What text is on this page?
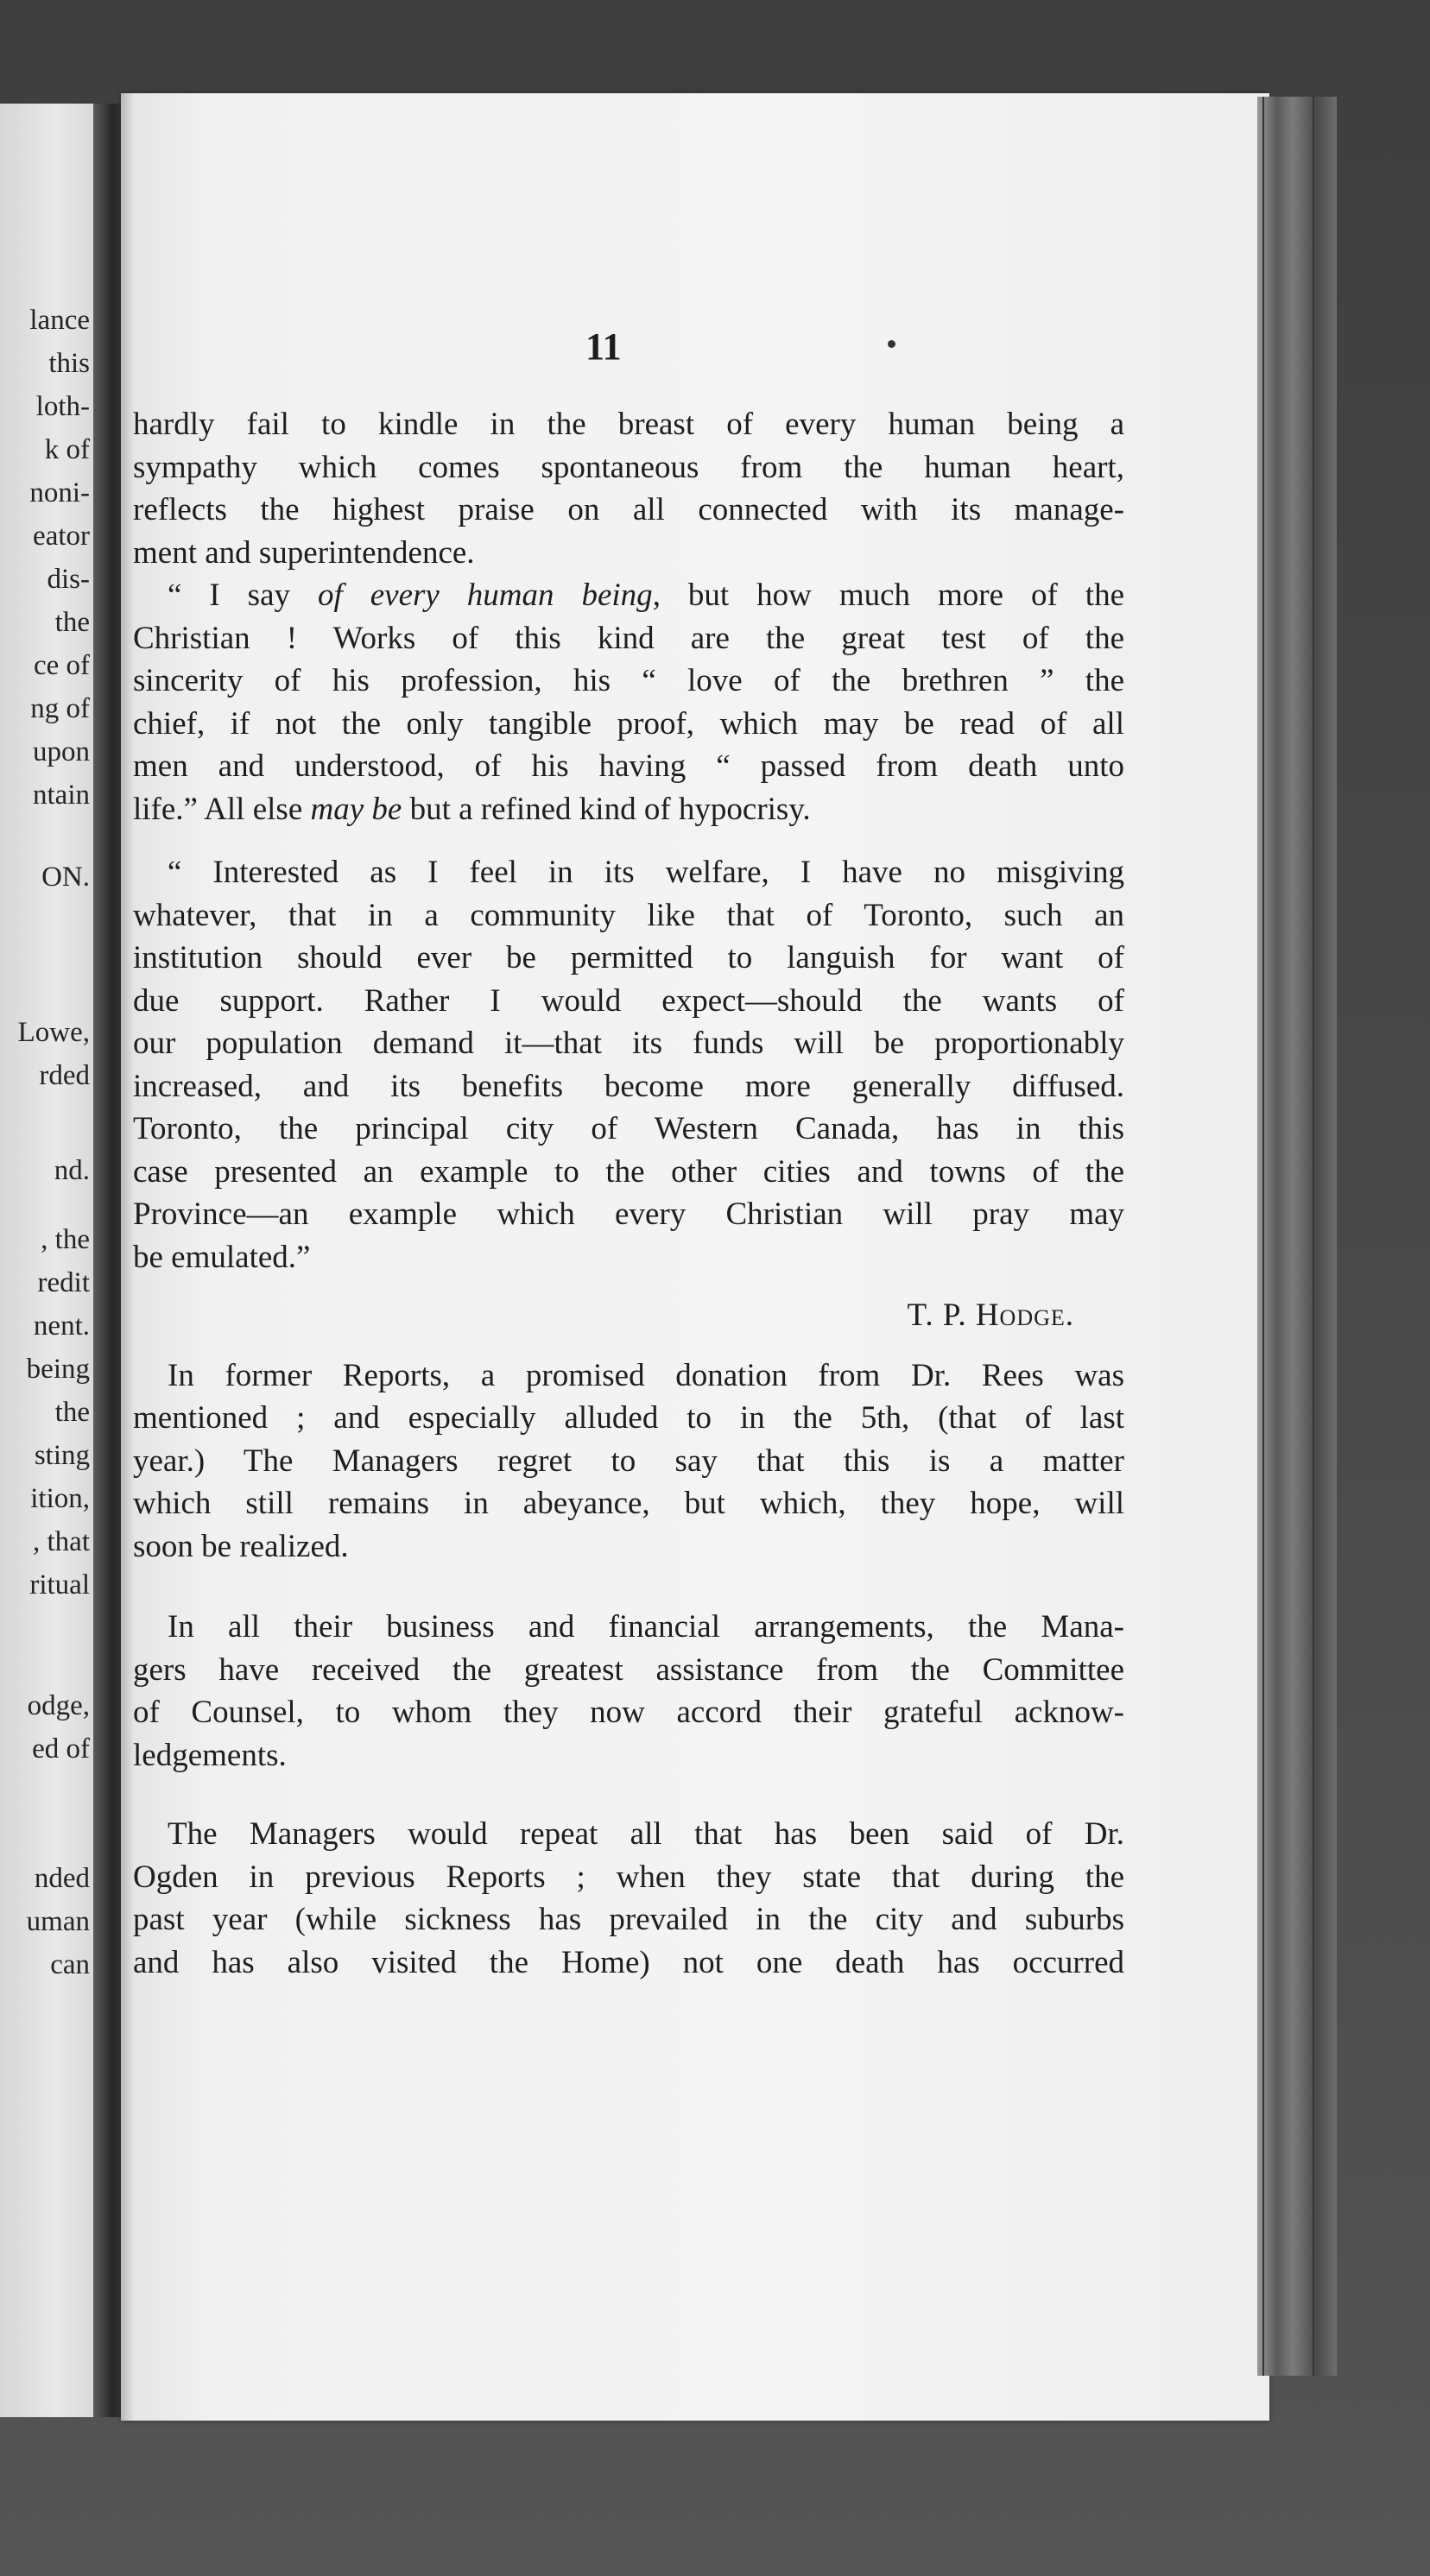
lance
this
loth-
k of
noni-
eator
dis-
the
ce of
ng of
upon
ntain
ON.
Lowe,
rded
nd.
, the
redit
nent.
being
the
sting
ition,
, that
ritual
odge,
ed of
nded
uman
can
11
hardly fail to kindle in the breast of every human being a
sympathy which comes spontaneous from the human heart,
reflects the highest praise on all connected with its manage-
ment and superintendence.
“ I say of every human being, but how much more of the
Christian ! Works of this kind are the great test of the
sincerity of his profession, his “ love of the brethren ” the
chief, if not the only tangible proof, which may be read of all
men and understood, of his having “ passed from death unto
life.” All else may be but a refined kind of hypocrisy.
“ Interested as I feel in its welfare, I have no misgiving
whatever, that in a community like that of Toronto, such an
institution should ever be permitted to languish for want of
due support. Rather I would expect—should the wants of
our population demand it—that its funds will be proportionably
increased, and its benefits become more generally diffused.
Toronto, the principal city of Western Canada, has in this
case presented an example to the other cities and towns of the
Province—an example which every Christian will pray may
be emulated.”
T. P. Hodge.
In former Reports, a promised donation from Dr. Rees was
mentioned ; and especially alluded to in the 5th, (that of last
year.) The Managers regret to say that this is a matter
which still remains in abeyance, but which, they hope, will
soon be realized.
In all their business and financial arrangements, the Mana-
gers have received the greatest assistance from the Committee
of Counsel, to whom they now accord their grateful acknow-
ledgements.
The Managers would repeat all that has been said of Dr.
Ogden in previous Reports ; when they state that during the
past year (while sickness has prevailed in the city and suburbs
and has also visited the Home) not one death has occurred
